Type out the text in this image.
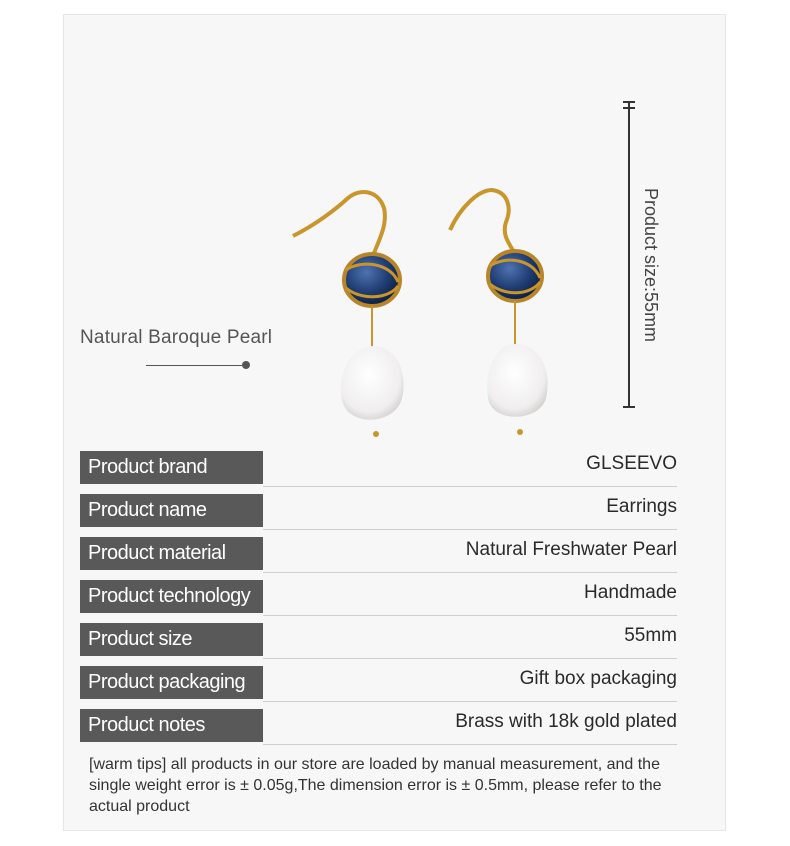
Natural Baroque Pearl	Product size:55mm
Product brand	GLSEEVO
Product name	Earrings
Product material	Natural Freshwater Pearl
Product technology	Handmade
Product size	55mm
Product packaging	Gift box packaging
Product notes	Brass with 18k gold plated
[warm tips] all products in our store are loaded by manual measurement, and the single weight error is ± 0.05g,The dimension error is ± 0.5mm, please refer to the actual product
